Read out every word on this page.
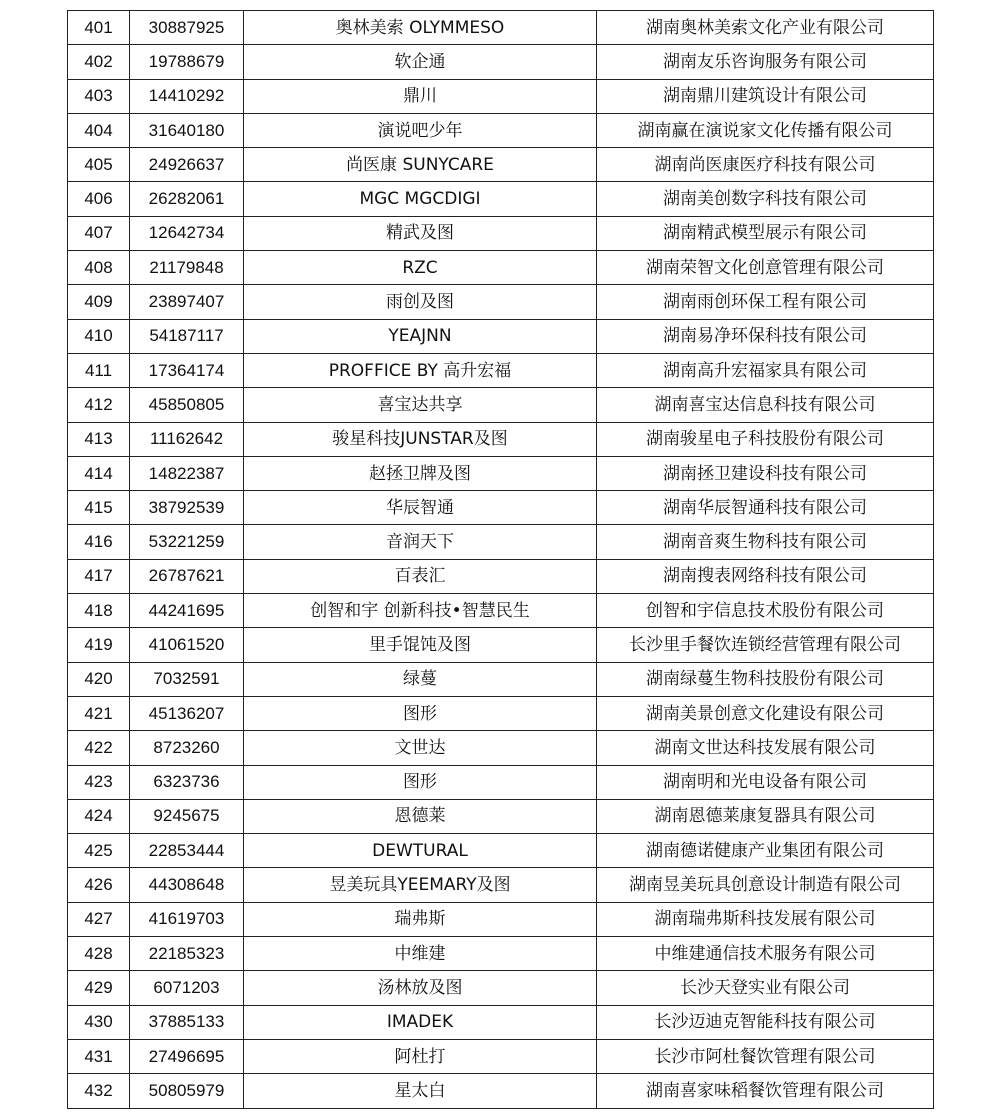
401	30887925	奥林美索 OLYMMESO	湖南奥林美索文化产业有限公司
402	19788679	软企通	湖南友乐咨询服务有限公司
403	14410292	鼎川	湖南鼎川建筑设计有限公司
404	31640180	演说吧少年	湖南赢在演说家文化传播有限公司
405	24926637	尚医康 SUNYCARE	湖南尚医康医疗科技有限公司
406	26282061	MGC MGCDIGI	湖南美创数字科技有限公司
407	12642734	精武及图	湖南精武模型展示有限公司
408	21179848	RZC	湖南荣智文化创意管理有限公司
409	23897407	雨创及图	湖南雨创环保工程有限公司
410	54187117	YEAJNN	湖南易净环保科技有限公司
411	17364174	PROFFICE BY 高升宏福	湖南高升宏福家具有限公司
412	45850805	喜宝达共享	湖南喜宝达信息科技有限公司
413	11162642	骏星科技JUNSTAR及图	湖南骏星电子科技股份有限公司
414	14822387	赵拯卫牌及图	湖南拯卫建设科技有限公司
415	38792539	华辰智通	湖南华辰智通科技有限公司
416	53221259	音润天下	湖南音爽生物科技有限公司
417	26787621	百表汇	湖南搜表网络科技有限公司
418	44241695	创智和宇 创新科技•智慧民生	创智和宇信息技术股份有限公司
419	41061520	里手馄饨及图	长沙里手餐饮连锁经营管理有限公司
420	7032591	绿蔓	湖南绿蔓生物科技股份有限公司
421	45136207	图形	湖南美景创意文化建设有限公司
422	8723260	文世达	湖南文世达科技发展有限公司
423	6323736	图形	湖南明和光电设备有限公司
424	9245675	恩德莱	湖南恩德莱康复器具有限公司
425	22853444	DEWTURAL	湖南德诺健康产业集团有限公司
426	44308648	昱美玩具YEEMARY及图	湖南昱美玩具创意设计制造有限公司
427	41619703	瑞弗斯	湖南瑞弗斯科技发展有限公司
428	22185323	中维建	中维建通信技术服务有限公司
429	6071203	汤林放及图	长沙天登实业有限公司
430	37885133	IMADEK	长沙迈迪克智能科技有限公司
431	27496695	阿杜打	长沙市阿杜餐饮管理有限公司
432	50805979	星太白	湖南喜家味稻餐饮管理有限公司
